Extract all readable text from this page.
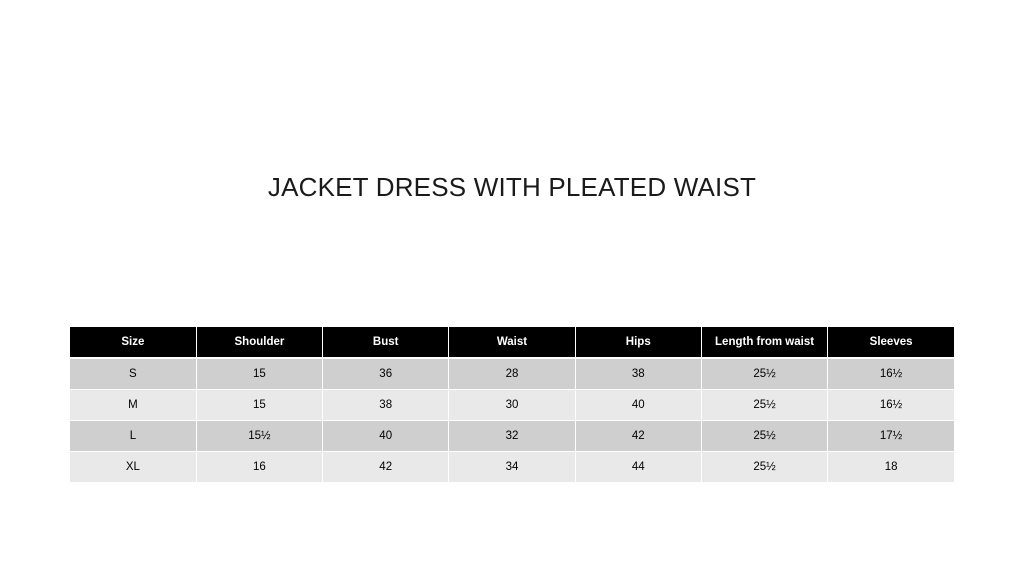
JACKET DRESS WITH PLEATED WAIST
Size	Shoulder	Bust	Waist	Hips	Length from waist	Sleeves
S	15	36	28	38	25½	16½
M	15	38	30	40	25½	16½
L	15½	40	32	42	25½	17½
XL	16	42	34	44	25½	18
